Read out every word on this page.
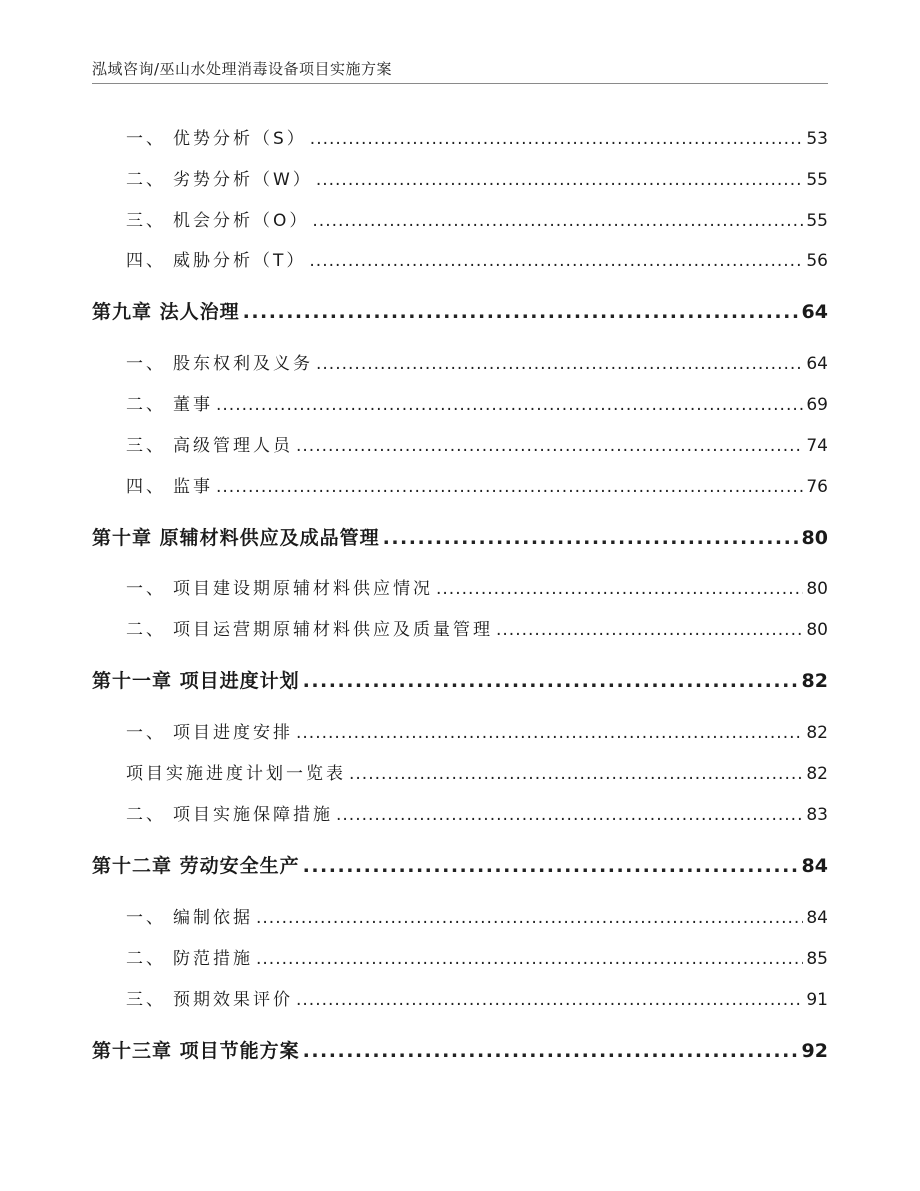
泓域咨询/巫山水处理消毒设备项目实施方案
一、 优势分析（S） .....	53
二、 劣势分析（W） .....	55
三、 机会分析（O） .....	55
四、 威胁分析（T） .....	56
第九章 法人治理 .....	64
一、 股东权利及义务 .....	64
二、 董事 .....	69
三、 高级管理人员 .....	74
四、 监事 .....	76
第十章 原辅材料供应及成品管理 .....	80
一、 项目建设期原辅材料供应情况 .....	80
二、 项目运营期原辅材料供应及质量管理 .....	80
第十一章 项目进度计划 .....	82
一、 项目进度安排 .....	82
项目实施进度计划一览表 .....	82
二、 项目实施保障措施 .....	83
第十二章 劳动安全生产 .....	84
一、 编制依据 .....	84
二、 防范措施 .....	85
三、 预期效果评价 .....	91
第十三章 项目节能方案 .....	92
